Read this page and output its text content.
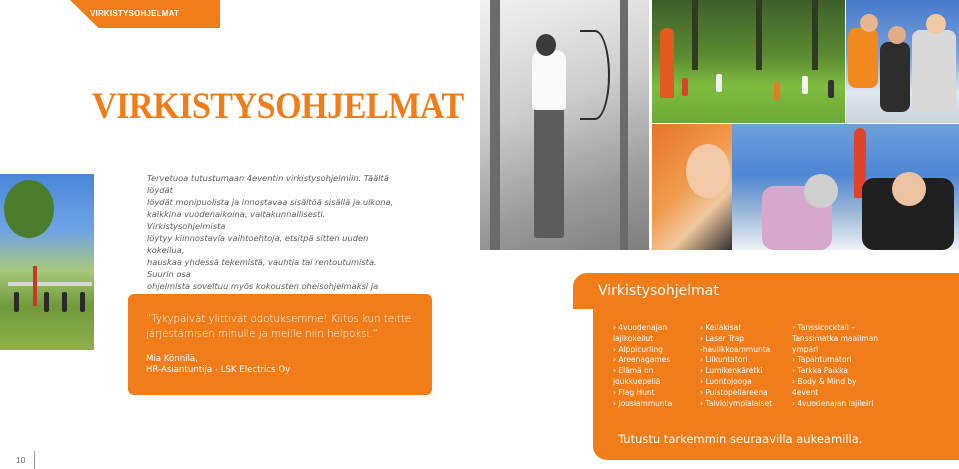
VIRKISTYSOHJELMAT
VIRKISTYSOHJELMAT

Tervetuoa tutustumaan 4eventin virkistysohjelmiin. Täältä löydät

löydät monipuolista ja innostavaa sisältöä sisällä ja ulkona,

kaikkina vuodenaikoina, valtakunnallisesti. Virkistysohjelmista

löytyy kiinnostavia vaihtoehtoja, etsitpä sitten uuden kokeilua,

hauskaa yhdessä tekemistä, vauhtia tai rentoutumista. Suurin osa

ohjelmista soveltuu myös kokousten oheisohjelmaksi ja

”Tykypäivät ylittivät odotuksemme! Kiitos kun teitte
järjestämisen minulle ja meille niin helpoksi.”
Mia Könnilä,
HR-Asiantuntija - LSK Electrics Oy
10
Virkistysohjelmat
› 4vuodenajan
lajikokeilut
› Alppicurling
› Areenagames
› Elämä on
joukkuepeliä
› Flag Hunt
› Jousiammunta
› Keilakisat
› Laser Trap
-haulikkoammunta
› Liikuntatori
› Lumikenkäretki
› Luontojooga
› Puistopeliareena
› Talviolympialaiset
› Tanssicocktail –
Tanssimatka maailman
ympäri
› Tapahtumatori
› Tarkka Paikka
› Body & Mind by
4event
› 4vuodenajan lajileiri
Tutustu tarkemmin seuraavilla aukeamilla.
